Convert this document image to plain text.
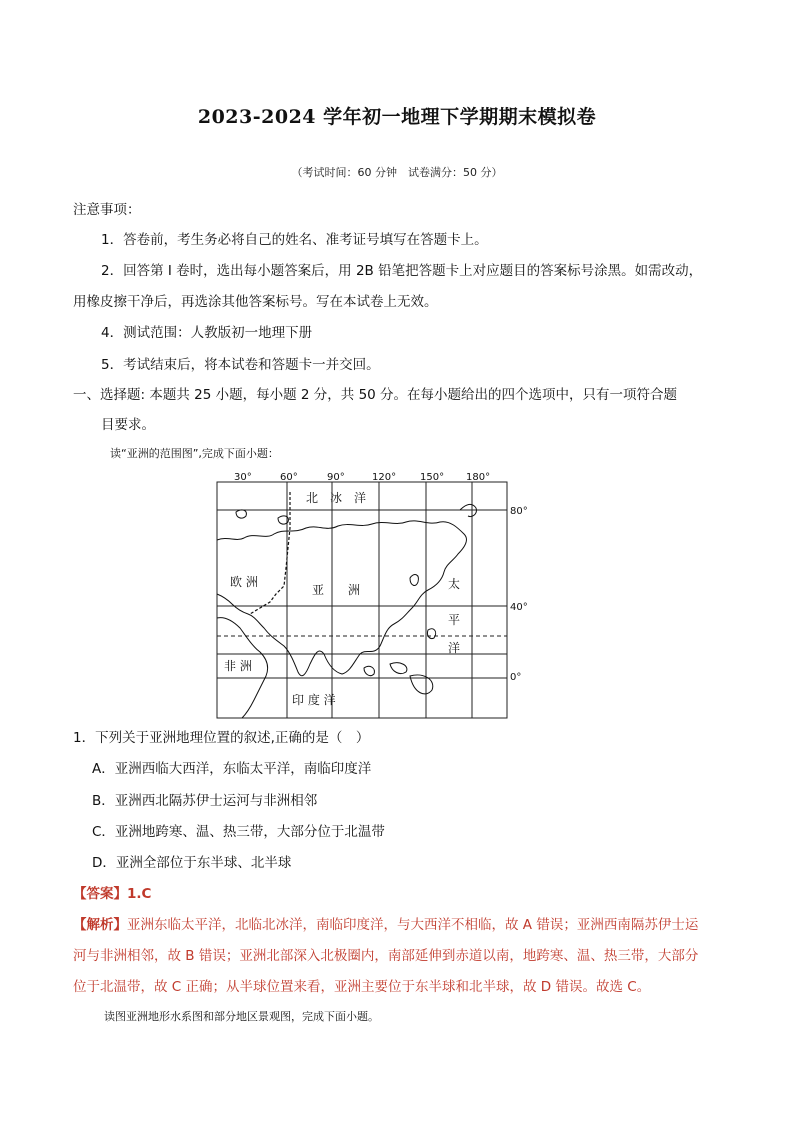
2023-2024 学年初一地理下学期期末模拟卷
（考试时间：60 分钟　试卷满分：50 分）
注意事项：
1．答卷前，考生务必将自己的姓名、准考证号填写在答题卡上。
2．回答第 I 卷时，选出每小题答案后，用 2B 铅笔把答题卡上对应题目的答案标号涂黑。如需改动，
用橡皮擦干净后，再选涂其他答案标号。写在本试卷上无效。
4．测试范围：人教版初一地理下册
5．考试结束后，将本试卷和答题卡一并交回。
一、选择题: 本题共 25 小题，每小题 2 分，共 50 分。在每小题给出的四个选项中，只有一项符合题
目要求。
读“亚洲的范围图”,完成下面小题：
30°	60°	90°	120° 150° 180°
80°
40°
0°
北　冰　洋
欧 洲
亚　　洲	太
平
洋
非 洲
印 度 洋
1．下列关于亚洲地理位置的叙述,正确的是（　）
A．亚洲西临大西洋，东临太平洋，南临印度洋
B．亚洲西北隔苏伊士运河与非洲相邻
C．亚洲地跨寒、温、热三带，大部分位于北温带
D．亚洲全部位于东半球、北半球
【答案】1.C
【解析】亚洲东临太平洋，北临北冰洋，南临印度洋，与大西洋不相临，故 A 错误；亚洲西南隔苏伊士运
河与非洲相邻，故 B 错误；亚洲北部深入北极圈内，南部延伸到赤道以南，地跨寒、温、热三带，大部分
位于北温带，故 C 正确；从半球位置来看，亚洲主要位于东半球和北半球，故 D 错误。故选 C。
读图亚洲地形水系图和部分地区景观图，完成下面小题。
